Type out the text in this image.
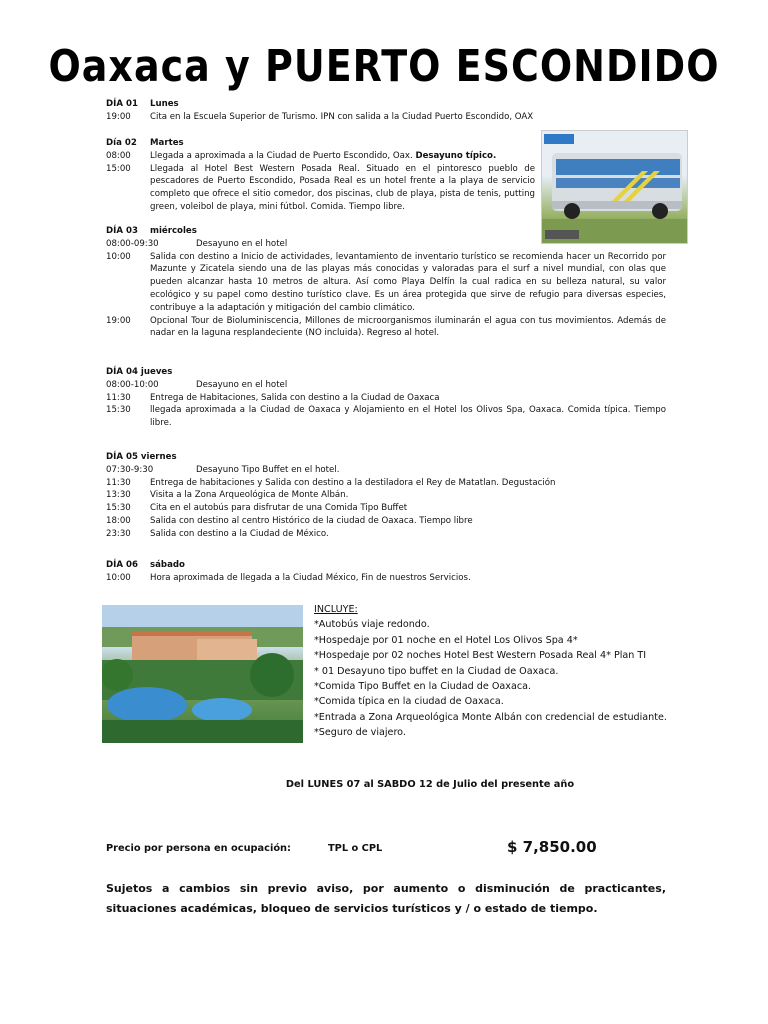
Oaxaca y PUERTO ESCONDIDO
DÍA 01	Lunes
19:00	Cita en la Escuela Superior de Turismo. IPN con salida a la Ciudad Puerto Escondido, OAX
Día 02	Martes
08:00	Llegada a aproximada a la Ciudad de Puerto Escondido, Oax. Desayuno típico.
15:00	Llegada al Hotel Best Western Posada Real. Situado en el pintoresco pueblo de pescadores de Puerto Escondido, Posada Real es un hotel frente a la playa de servicio completo que ofrece el sitio comedor, dos piscinas, club de playa, pista de tenis, putting green, voleibol de playa, mini fútbol. Comida. Tiempo libre.
DÍA 03	miércoles
08:00-09:30	Desayuno en el hotel
10:00	Salida con destino a Inicio de actividades, levantamiento de inventario turístico se recomienda hacer un Recorrido por Mazunte y Zicatela siendo una de las playas más conocidas y valoradas para el surf a nivel mundial, con olas que pueden alcanzar hasta 10 metros de altura. Así como Playa Delfín la cual radica en su belleza natural, su valor ecológico y su papel como destino turístico clave. Es un área protegida que sirve de refugio para diversas especies, contribuye a la adaptación y mitigación del cambio climático.
19:00	Opcional Tour de Bioluminiscencia, Millones de microorganismos iluminarán el agua con tus movimientos. Además de nadar en la laguna resplandeciente (NO incluida). Regreso al hotel.
DÍA 04 jueves
08:00-10:00	Desayuno en el hotel
11:30	Entrega de Habitaciones, Salida con destino a la Ciudad de Oaxaca
15:30	llegada aproximada a la Ciudad de Oaxaca y Alojamiento en el Hotel los Olivos Spa, Oaxaca. Comida típica. Tiempo libre.
DÍA 05 viernes
07:30-9:30	Desayuno Tipo Buffet en el hotel.
11:30	Entrega de habitaciones y Salida con destino a la destiladora el Rey de Matatlan. Degustación
13:30	Visita a la Zona Arqueológica de Monte Albán.
15:30	Cita en el autobús para disfrutar de una Comida Tipo Buffet
18:00	Salida con destino al centro Histórico de la ciudad de Oaxaca. Tiempo libre
23:30	Salida con destino a la Ciudad de México.
DÍA 06	sábado
10:00	Hora aproximada de llegada a la Ciudad México, Fin de nuestros Servicios.
INCLUYE:
*Autobús viaje redondo.
*Hospedaje por 01 noche en el Hotel Los Olivos Spa 4*
*Hospedaje por 02 noches Hotel Best Western Posada Real 4* Plan TI
* 01 Desayuno tipo buffet en la Ciudad de Oaxaca.
*Comida Tipo Buffet en la Ciudad de Oaxaca.
*Comida típica en la ciudad de Oaxaca.
*Entrada a Zona Arqueológica Monte Albán con credencial de estudiante.
*Seguro de viajero.
Del LUNES 07 al SABDO 12 de Julio del presente año
Precio por persona en ocupación:	TPL o CPL	$ 7,850.00
Sujetos a cambios sin previo aviso, por aumento o disminución de practicantes, situaciones académicas, bloqueo de servicios turísticos y / o estado de tiempo.
